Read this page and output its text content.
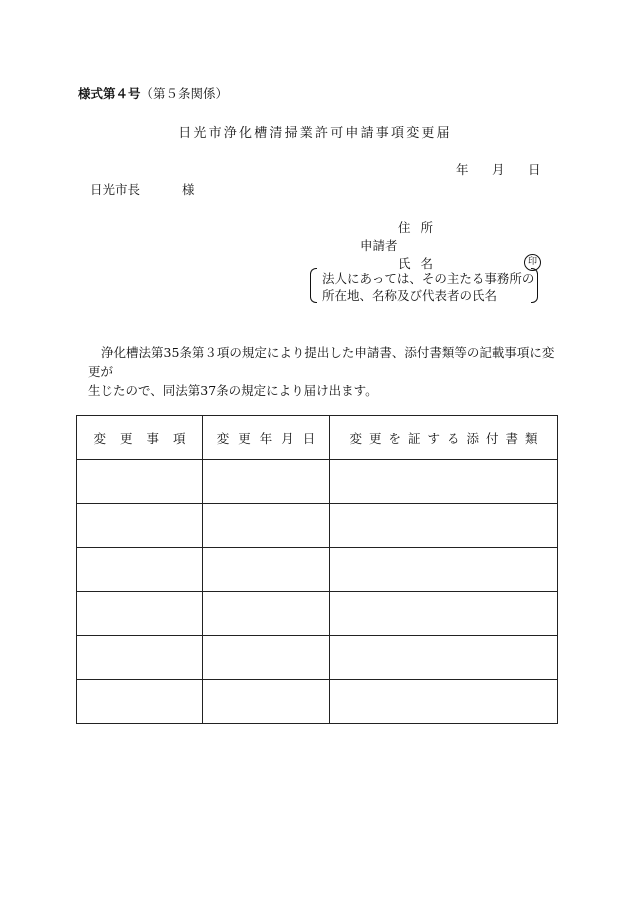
様式第４号（第５条関係）
日光市浄化槽清掃業許可申請事項変更届
年 月 日
日光市長	様
住所
申請者
氏名	印
法人にあっては、その主たる事務所の
所在地、名称及び代表者の氏名

浄化槽法第35条第３項の規定により提出した申請書、添付書類等の記載事項に変更が

生じたので、同法第37条の規定により届け出ます。

変更事項	変更年月日	変更を証する添付書類
